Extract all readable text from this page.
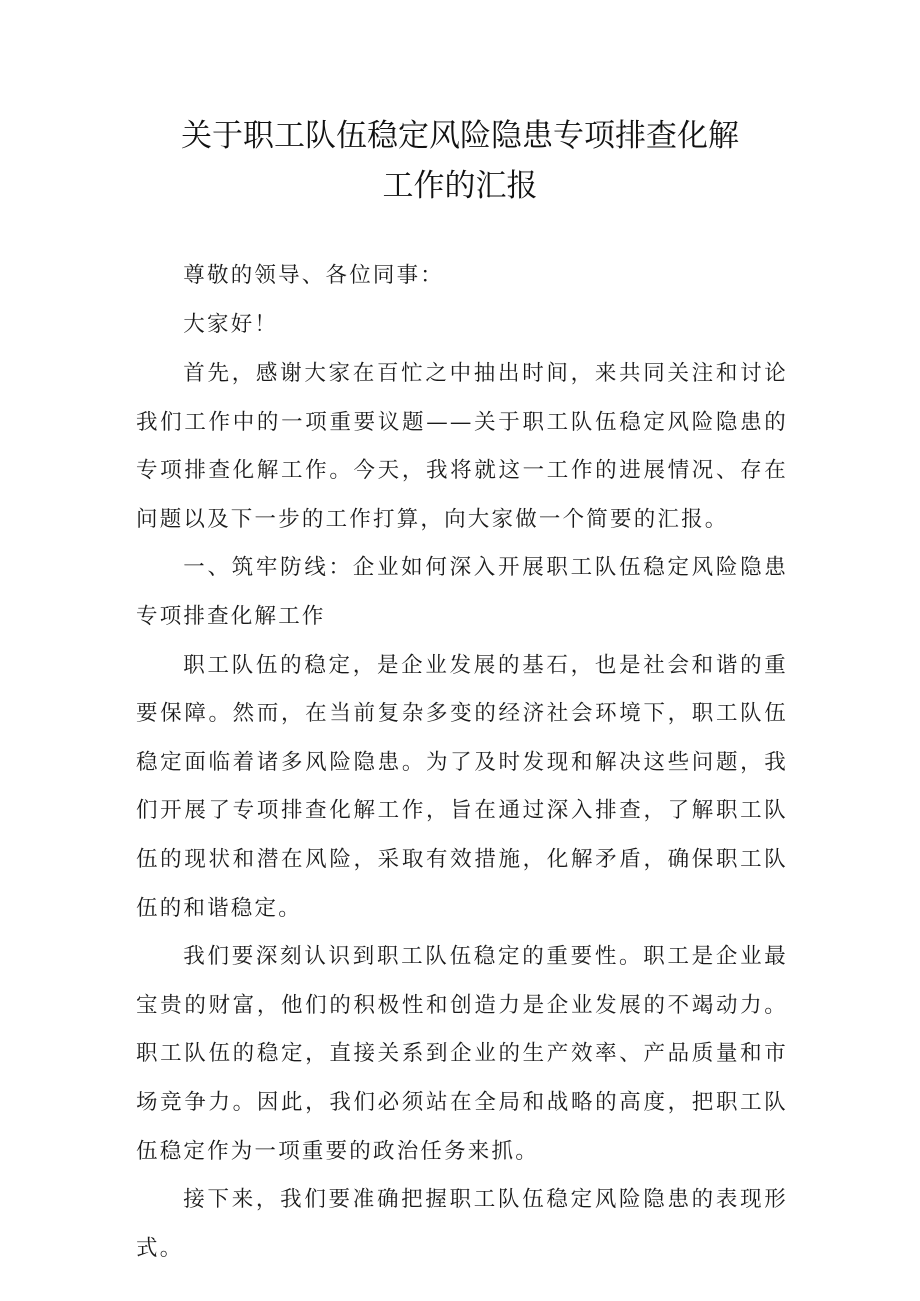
关于职工队伍稳定风险隐患专项排查化解
工作的汇报

尊敬的领导、各位同事：

大家好！

首先，感谢大家在百忙之中抽出时间，来共同关注和讨论我们工作中的一项重要议题——关于职工队伍稳定风险隐患的专项排查化解工作。今天，我将就这一工作的进展情况、存在问题以及下一步的工作打算，向大家做一个简要的汇报。

一、筑牢防线：企业如何深入开展职工队伍稳定风险隐患专项排查化解工作

职工队伍的稳定，是企业发展的基石，也是社会和谐的重要保障。然而，在当前复杂多变的经济社会环境下，职工队伍稳定面临着诸多风险隐患。为了及时发现和解决这些问题，我们开展了专项排查化解工作，旨在通过深入排查，了解职工队伍的现状和潜在风险，采取有效措施，化解矛盾，确保职工队伍的和谐稳定。

我们要深刻认识到职工队伍稳定的重要性。职工是企业最宝贵的财富，他们的积极性和创造力是企业发展的不竭动力。职工队伍的稳定，直接关系到企业的生产效率、产品质量和市场竞争力。因此，我们必须站在全局和战略的高度，把职工队伍稳定作为一项重要的政治任务来抓。

接下来，我们要准确把握职工队伍稳定风险隐患的表现形式。
